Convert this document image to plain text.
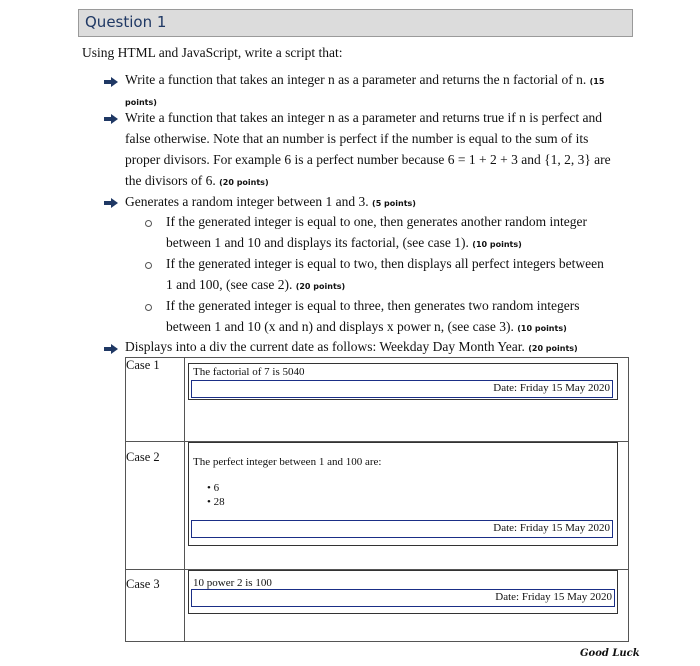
Question 1
Using HTML and JavaScript, write a script that:
Write a function that takes an integer n as a parameter and returns the n factorial of n. (15
points)
Write a function that takes an integer n as a parameter and returns true if n is perfect and
false otherwise. Note that an number is perfect if the number is equal to the sum of its
proper divisors. For example 6 is a perfect number because 6 = 1 + 2 + 3 and {1, 2, 3} are
the divisors of 6. (20 points)
Generates a random integer between 1 and 3. (5 points)
If the generated integer is equal to one, then generates another random integer
between 1 and 10 and displays its factorial, (see case 1). (10 points)
If the generated integer is equal to two, then displays all perfect integers between
1 and 100, (see case 2). (20 points)
If the generated integer is equal to three, then generates two random integers
between 1 and 10 (x and n) and displays x power n, (see case 3). (10 points)
Displays into a div the current date as follows: Weekday Day Month Year. (20 points)
Case 1	The factorial of 7 is 5040
Date: Friday 15 May 2020

Case 2	The perfect integer between 1 and 100 are:
• 6
• 28
Date: Friday 15 May 2020

Case 3	10 power 2 is 100
Date: Friday 15 May 2020
Good Luck
